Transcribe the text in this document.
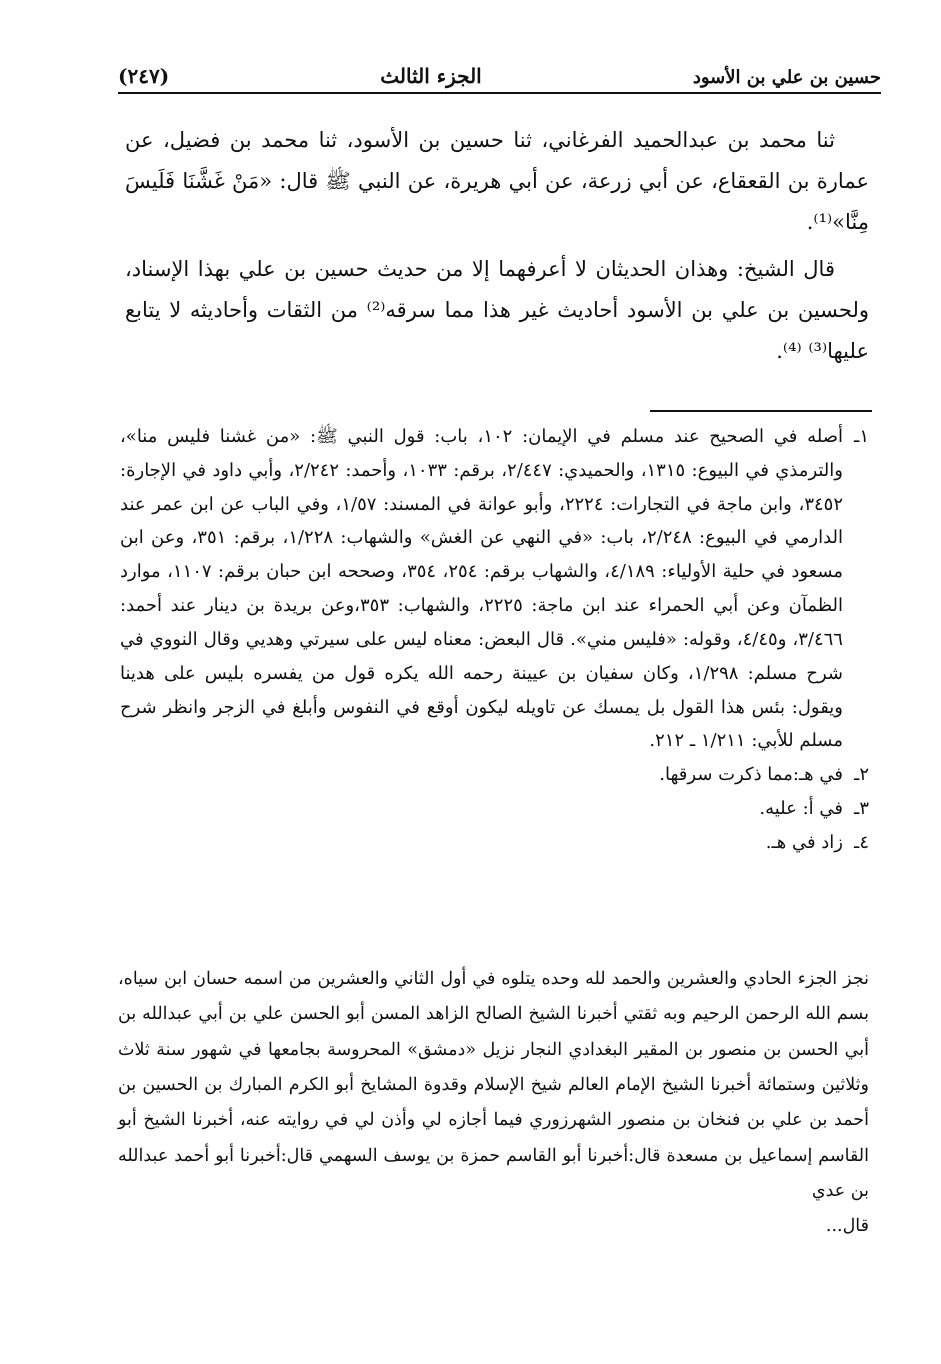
حسين بن علي بن الأسود
الجزء الثالث
(٢٤٧)

ثنا محمد بن عبدالحميد الفرغاني، ثنا حسين بن الأسود، ثنا محمد بن فضيل، عن عمارة بن القعقاع، عن أبي زرعة، عن أبي هريرة، عن النبي ﷺ قال: «مَنْ غَشَّنَا فَلَيسَ مِنَّا»⁽¹⁾.

قال الشيخ: وهذان الحديثان لا أعرفهما إلا من حديث حسين بن علي بهذا الإسناد، ولحسين بن علي بن الأسود أحاديث غير هذا مما سرقه⁽²⁾ من الثقات وأحاديثه لا يتابع عليها⁽³⁾ ⁽⁴⁾.

١ـ
أصله في الصحيح عند مسلم في الإيمان: ١٠٢، باب: قول النبي ﷺ: «من غشنا فليس منا»، والترمذي في البيوع: ١٣١٥، والحميدي: ٢/٤٤٧، برقم: ١٠٣٣، وأحمد: ٢/٢٤٢، وأبي داود في الإجارة: ٣٤٥٢، وابن ماجة في التجارات: ٢٢٢٤، وأبو عوانة في المسند: ١/٥٧، وفي الباب عن ابن عمر عند الدارمي في البيوع: ٢/٢٤٨، باب: «في النهي عن الغش» والشهاب: ١/٢٢٨، برقم: ٣٥١، وعن ابن مسعود في حلية الأولياء: ٤/١٨٩، والشهاب برقم: ٢٥٤، ٣٥٤، وصححه ابن حبان برقم: ١١٠٧، موارد الظمآن وعن أبي الحمراء عند ابن ماجة: ٢٢٢٥، والشهاب: ٣٥٣،وعن بريدة بن دينار عند أحمد: ٣/٤٦٦، و٤/٤٥، وقوله: «فليس مني». قال البعض: معناه ليس على سيرتي وهديي وقال النووي في شرح مسلم: ١/٢٩٨، وكان سفيان بن عيينة رحمه الله يكره قول من يفسره بليس على هدينا ويقول: بئس هذا القول بل يمسك عن تاويله ليكون أوقع في النفوس وأبلغ في الزجر وانظر شرح مسلم للأبي: ١/٢١١ ـ ٢١٢.
٢ـ
في هـ:مما ذكرت سرقها.
٣ـ
في أ: عليه.
٤ـ
زاد في هـ.
نجز الجزء الحادي والعشرين والحمد لله وحده يتلوه في أول الثاني والعشرين من اسمه حسان ابن سياه، بسم الله الرحمن الرحيم وبه ثقتي أخبرنا الشيخ الصالح الزاهد المسن أبو الحسن علي بن أبي عبدالله بن أبي الحسن بن منصور بن المقير البغدادي النجار نزيل «دمشق» المحروسة بجامعها في شهور سنة ثلاث وثلاثين وستمائة أخبرنا الشيخ الإمام العالم شيخ الإسلام وقدوة المشايخ أبو الكرم المبارك بن الحسين بن أحمد بن علي بن فنخان بن منصور الشهرزوري فيما أجازه لي وأذن لي في روايته عنه، أخبرنا الشيخ أبو القاسم إسماعيل بن مسعدة قال:أخبرنا أبو القاسم حمزة بن يوسف السهمي قال:أخبرنا أبو أحمد عبدالله بن عدي
قال...
